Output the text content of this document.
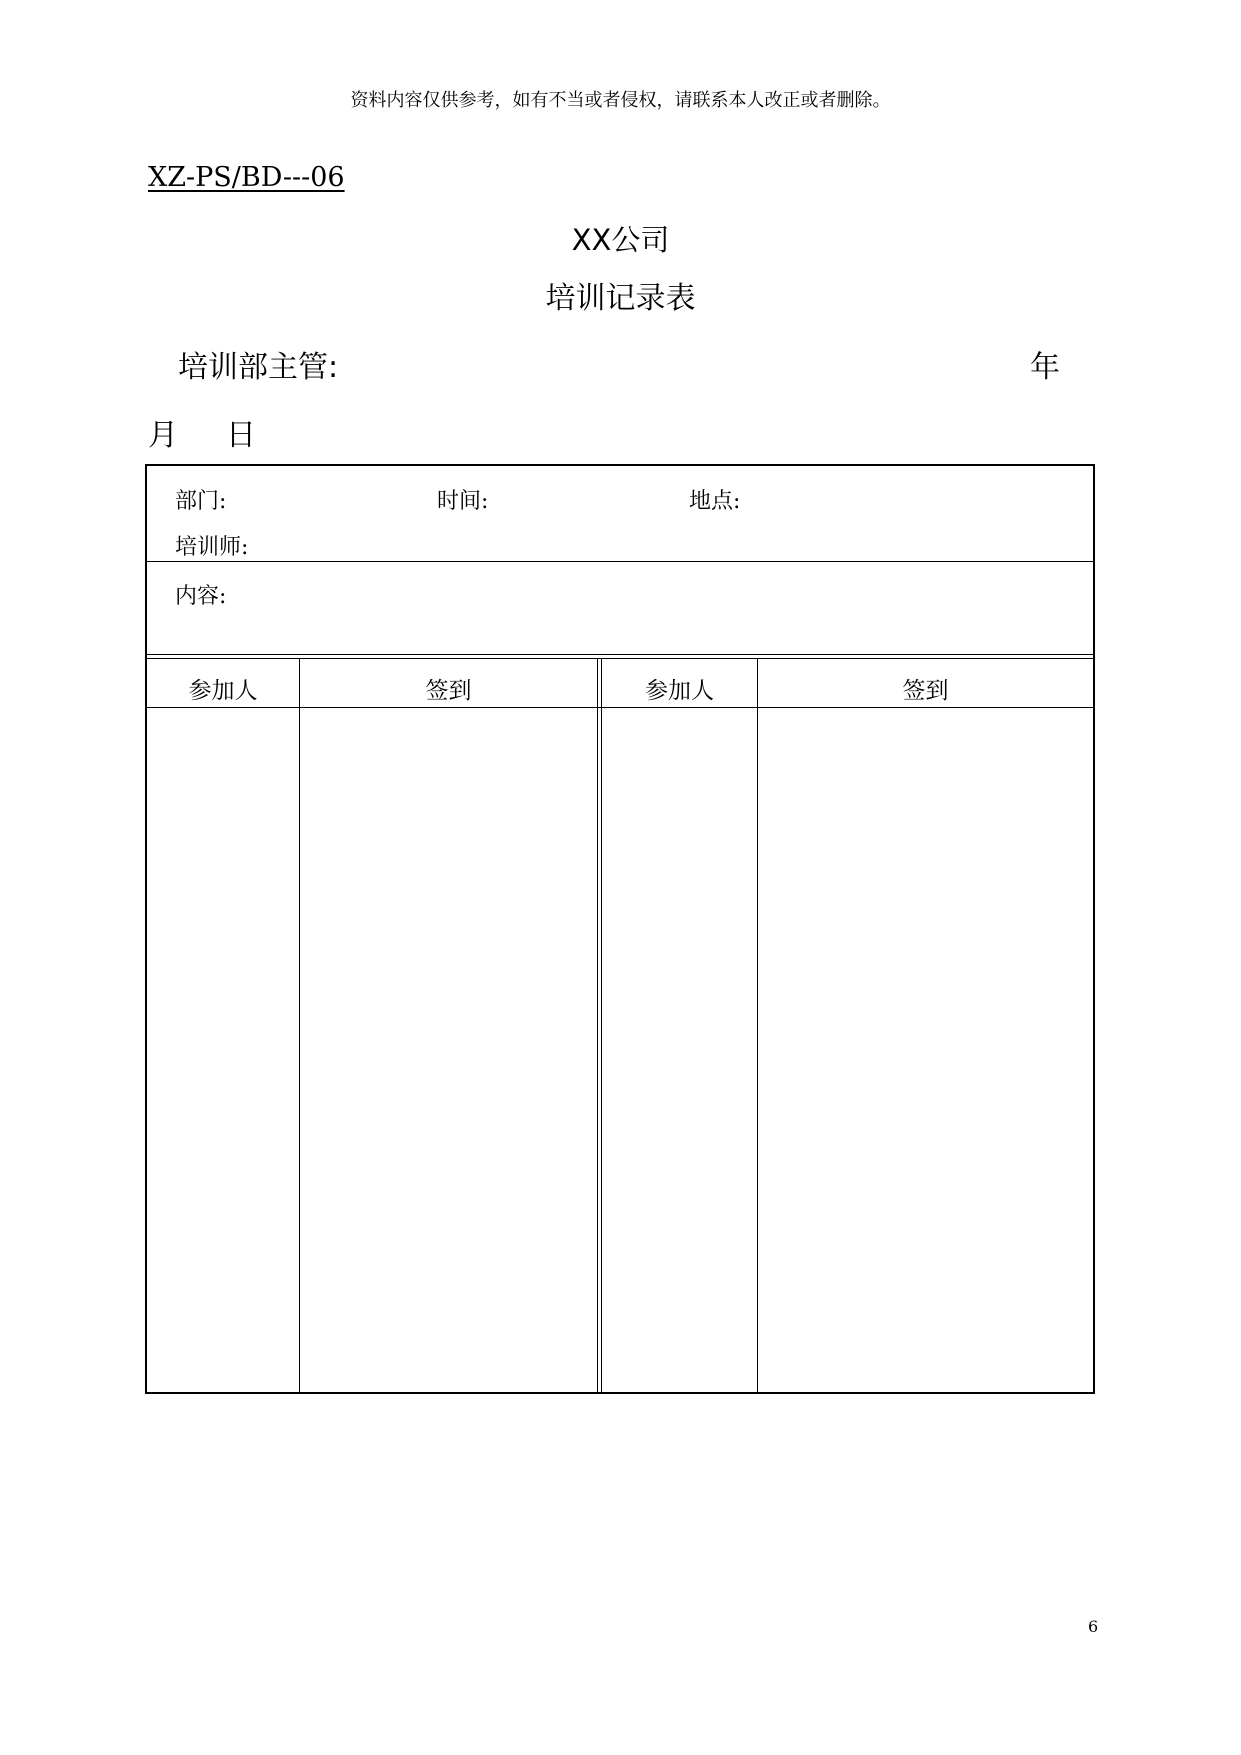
资料内容仅供参考，如有不当或者侵权，请联系本人改正或者删除。
XZ-PS/BD---06
XX公司
培训记录表
培训部主管:	年
月 日
部门:	时间:	地点:
培训师:
内容:
参加人	签到	参加人	签到
6
